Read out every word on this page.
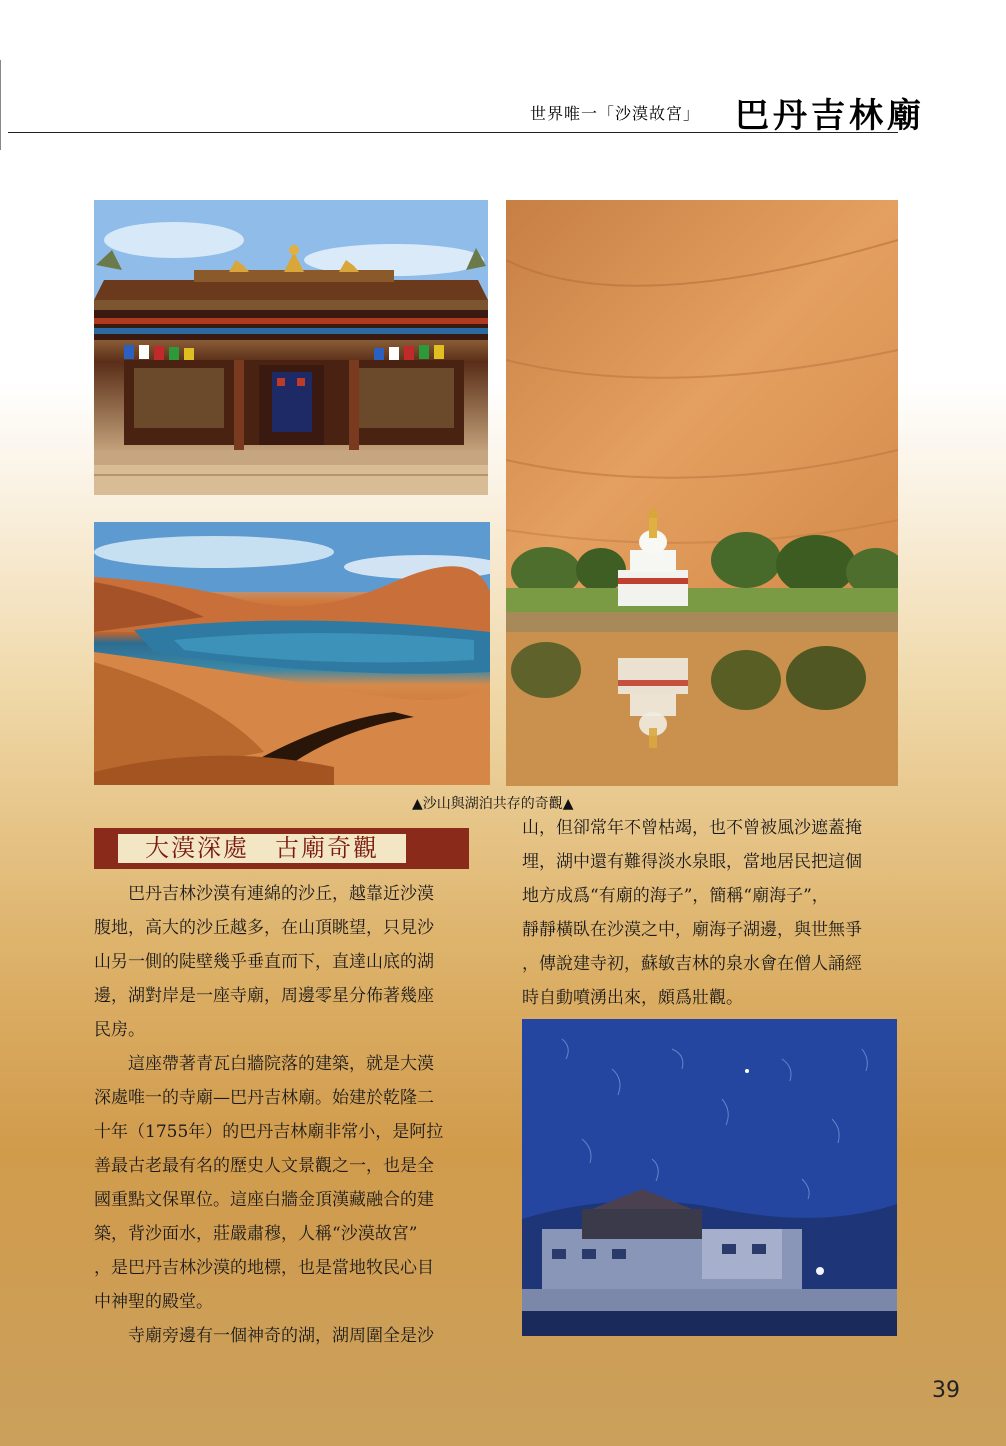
世界唯一「沙漠故宮」 巴丹吉林廟
▲沙山與湖泊共存的奇觀▲
大漠深處　古廟奇觀
　　巴丹吉林沙漠有連綿的沙丘，越靠近沙漠
腹地，高大的沙丘越多，在山頂眺望，只見沙
山另一側的陡壁幾乎垂直而下，直達山底的湖
邊，湖對岸是一座寺廟，周邊零星分佈著幾座
民房。
　　這座帶著青瓦白牆院落的建築，就是大漠
深處唯一的寺廟—巴丹吉林廟。始建於乾隆二
十年（1755年）的巴丹吉林廟非常小，是阿拉
善最古老最有名的歷史人文景觀之一，也是全
國重點文保單位。這座白牆金頂漢藏融合的建
築，背沙面水，莊嚴肅穆，人稱“沙漠故宮”
，是巴丹吉林沙漠的地標，也是當地牧民心目
中神聖的殿堂。
　　寺廟旁邊有一個神奇的湖，湖周圍全是沙
山，但卻常年不曾枯竭，也不曾被風沙遮蓋掩
埋，湖中還有難得淡水泉眼，當地居民把這個
地方成爲“有廟的海子”，簡稱“廟海子”，
靜靜橫臥在沙漠之中，廟海子湖邊，與世無爭
，傳說建寺初，蘇敏吉林的泉水會在僧人誦經
時自動噴湧出來，頗爲壯觀。
39
